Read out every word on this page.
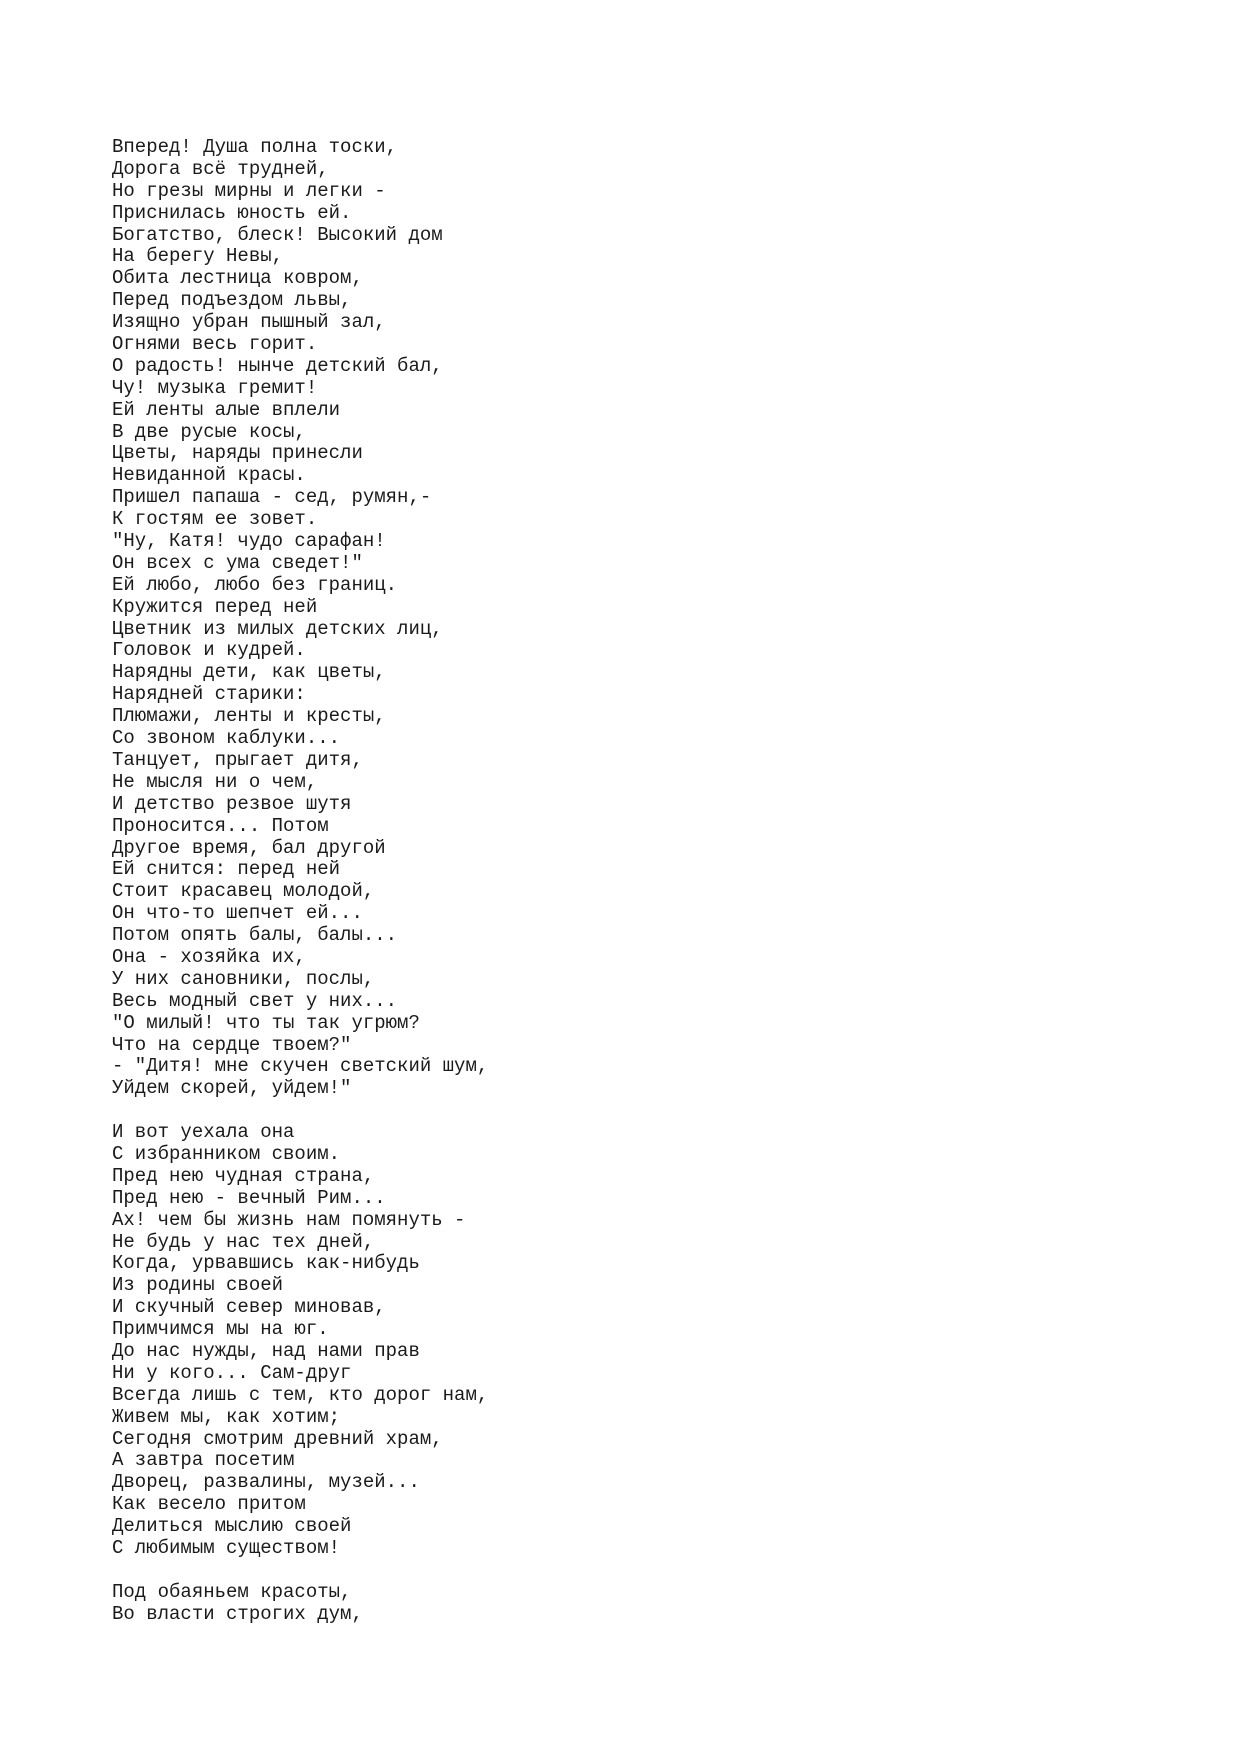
Вперед! Душа полна тоски,
Дорога всё трудней,
Но грезы мирны и легки -
Приснилась юность ей.
Богатство, блеск! Высокий дом
На берегу Невы,
Обита лестница ковром,
Перед подъездом львы,
Изящно убран пышный зал,
Огнями весь горит.
О радость! нынче детский бал,
Чу! музыка гремит!
Ей ленты алые вплели
В две русые косы,
Цветы, наряды принесли
Невиданной красы.
Пришел папаша - сед, румян,-
К гостям ее зовет.
"Ну, Катя! чудо сарафан!
Он всех с ума сведет!"
Ей любо, любо без границ.
Кружится перед ней
Цветник из милых детских лиц,
Головок и кудрей.
Нарядны дети, как цветы,
Нарядней старики:
Плюмажи, ленты и кресты,
Со звоном каблуки...
Танцует, прыгает дитя,
Не мысля ни о чем,
И детство резвое шутя
Проносится... Потом
Другое время, бал другой
Ей снится: перед ней
Стоит красавец молодой,
Он что-то шепчет ей...
Потом опять балы, балы...
Она - хозяйка их,
У них сановники, послы,
Весь модный свет у них...
"О милый! что ты так угрюм?
Что на сердце твоем?"
- "Дитя! мне скучен светский шум,
Уйдем скорей, уйдем!"
И вот уехала она
С избранником своим.
Пред нею чудная страна,
Пред нею - вечный Рим...
Ах! чем бы жизнь нам помянуть -
Не будь у нас тех дней,
Когда, урвавшись как-нибудь
Из родины своей
И скучный север миновав,
Примчимся мы на юг.
До нас нужды, над нами прав
Ни у кого... Сам-друг
Всегда лишь с тем, кто дорог нам,
Живем мы, как хотим;
Сегодня смотрим древний храм,
А завтра посетим
Дворец, развалины, музей...
Как весело притом
Делиться мыслию своей
С любимым существом!
Под обаяньем красоты,
Во власти строгих дум,
